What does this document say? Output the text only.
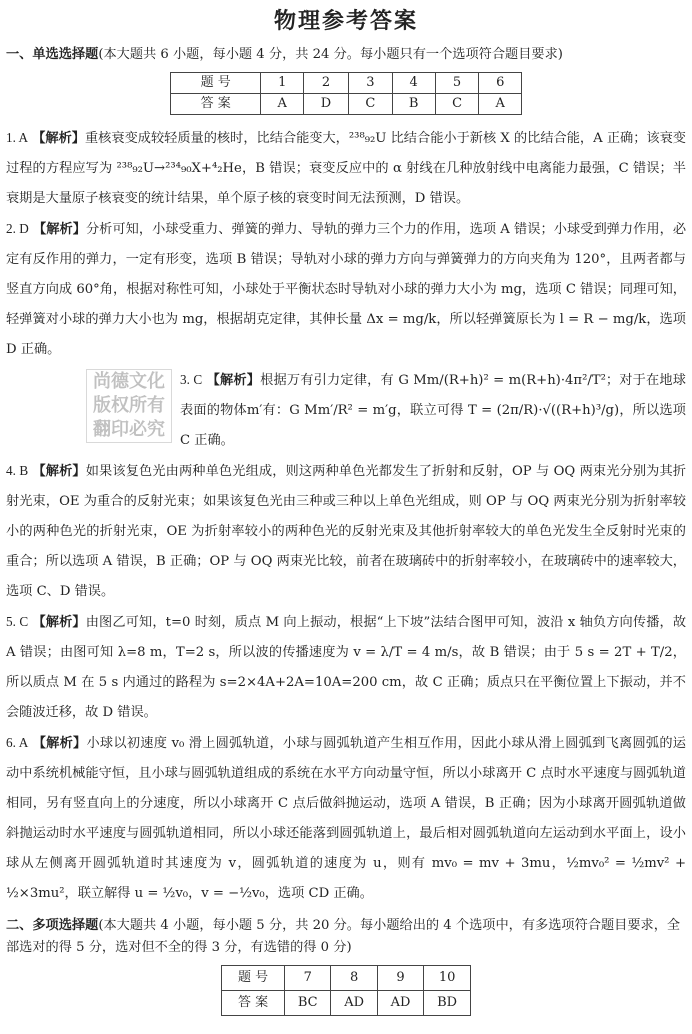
物理参考答案
一、单选选择题(本大题共 6 小题，每小题 4 分，共 24 分。每小题只有一个选项符合题目要求)
题 号	1	2	3	4	5	6
答 案	A	D	C	B	C	A
1. A 【解析】重核衰变成较轻质量的核时，比结合能变大，²³⁸₉₂U 比结合能小于新核 X 的比结合能，A 正确；该衰变过程的方程应写为 ²³⁸₉₂U→²³⁴₉₀X+⁴₂He，B 错误；衰变反应中的 α 射线在几种放射线中电离能力最强，C 错误；半衰期是大量原子核衰变的统计结果，单个原子核的衰变时间无法预测，D 错误。
2. D 【解析】分析可知，小球受重力、弹簧的弹力、导轨的弹力三个力的作用，选项 A 错误；小球受到弹力作用，必定有反作用的弹力，一定有形变，选项 B 错误；导轨对小球的弹力方向与弹簧弹力的方向夹角为 120°，且两者都与竖直方向成 60°角，根据对称性可知，小球处于平衡状态时导轨对小球的弹力大小为 mg，选项 C 错误；同理可知，轻弹簧对小球的弹力大小也为 mg，根据胡克定律，其伸长量 Δx = mg/k，所以轻弹簧原长为 l = R − mg/k，选项 D 正确。
尚德文化
版权所有
翻印必究
3. C 【解析】根据万有引力定律，有 G Mm/(R+h)² = m(R+h)·4π²/T²；对于在地球表面的物体m′有：G Mm′/R² = m′g，联立可得 T = (2π/R)·√((R+h)³/g)，所以选项 C 正确。
4. B 【解析】如果该复色光由两种单色光组成，则这两种单色光都发生了折射和反射，OP 与 OQ 两束光分别为其折射光束，OE 为重合的反射光束；如果该复色光由三种或三种以上单色光组成，则 OP 与 OQ 两束光分别为折射率较小的两种色光的折射光束，OE 为折射率较小的两种色光的反射光束及其他折射率较大的单色光发生全反射时光束的重合；所以选项 A 错误，B 正确；OP 与 OQ 两束光比较，前者在玻璃砖中的折射率较小，在玻璃砖中的速率较大，选项 C、D 错误。
5. C 【解析】由图乙可知，t=0 时刻，质点 M 向上振动，根据“上下坡”法结合图甲可知，波沿 x 轴负方向传播，故 A 错误；由图可知 λ=8 m，T=2 s，所以波的传播速度为 v = λ/T = 4 m/s，故 B 错误；由于 5 s = 2T + T/2，所以质点 M 在 5 s 内通过的路程为 s=2×4A+2A=10A=200 cm，故 C 正确；质点只在平衡位置上下振动，并不会随波迁移，故 D 错误。
6. A 【解析】小球以初速度 v₀ 滑上圆弧轨道，小球与圆弧轨道产生相互作用，因此小球从滑上圆弧到飞离圆弧的运动中系统机械能守恒，且小球与圆弧轨道组成的系统在水平方向动量守恒，所以小球离开 C 点时水平速度与圆弧轨道相同，另有竖直向上的分速度，所以小球离开 C 点后做斜抛运动，选项 A 错误，B 正确；因为小球离开圆弧轨道做斜抛运动时水平速度与圆弧轨道相同，所以小球还能落到圆弧轨道上，最后相对圆弧轨道向左运动到水平面上，设小球从左侧离开圆弧轨道时其速度为 v，圆弧轨道的速度为 u，则有 mv₀ = mv + 3mu，½mv₀² = ½mv² + ½×3mu²，联立解得 u = ½v₀，v = −½v₀，选项 CD 正确。
二、多项选择题(本大题共 4 小题，每小题 5 分，共 20 分。每小题给出的 4 个选项中，有多选项符合题目要求，全部选对的得 5 分，选对但不全的得 3 分，有选错的得 0 分)
题 号	7	8	9	10
答 案	BC	AD	AD	BD
